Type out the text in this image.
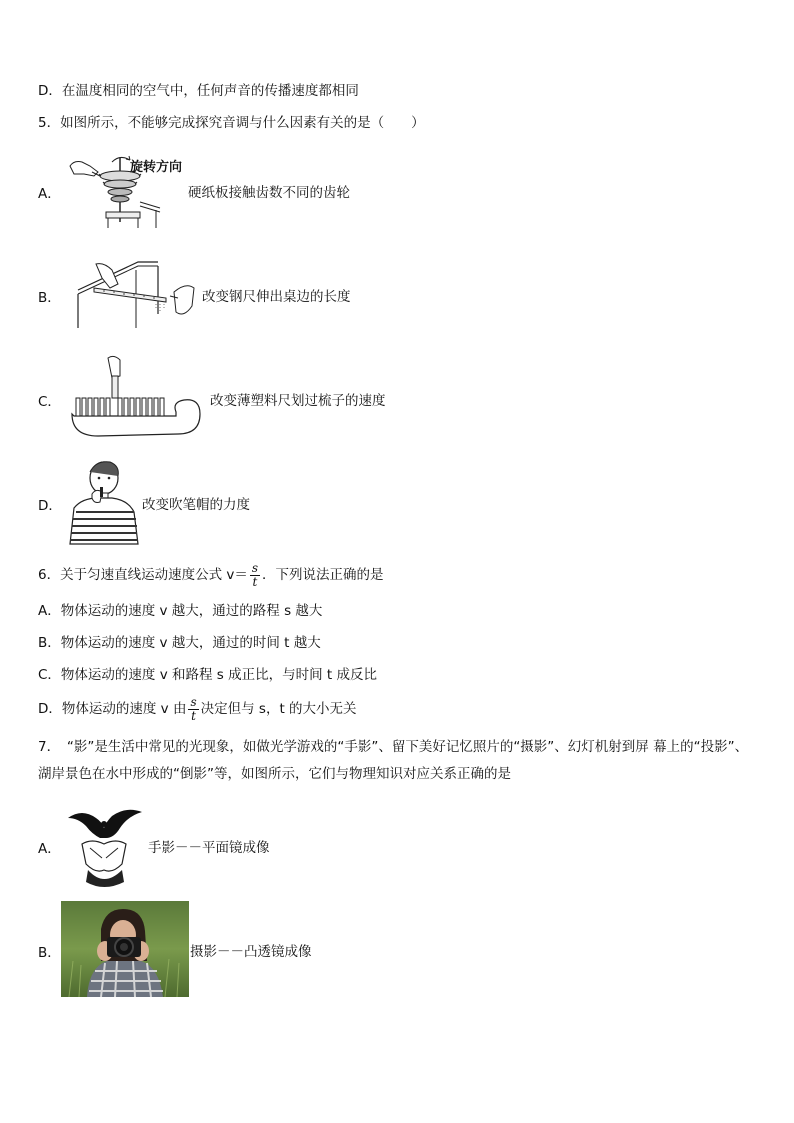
D．在温度相同的空气中，任何声音的传播速度都相同
5．如图所示，不能够完成探究音调与什么因素有关的是（　　）
A．
旋转方向
硬纸板接触齿数不同的齿轮
B．	改变钢尺伸出桌边的长度
C．	改变薄塑料尺划过梳子的速度
D．	改变吹笔帽的力度
6．关于匀速直线运动速度公式 $v= \frac{s}{t}$ ．下列说法正确的是
A．物体运动的速度 v 越大，通过的路程 s 越大
B．物体运动的速度 v 越大，通过的时间 t 越大
C．物体运动的速度 v 和路程 s 成正比，与时间 t 成反比
D．物体运动的速度 v 由 $\frac{s}{t}$ 决定但与 s，t 的大小无关
7．　“影”是生活中常见的光现象，如做光学游戏的“手影”、留下美好记忆照片的“摄影”、幻灯机射到屏 幕上的“投影”、湖岸景色在水中形成的“倒影”等，如图所示，它们与物理知识对应关系正确的是
A．	手影－－平面镜成像
B．	摄影－－凸透镜成像
